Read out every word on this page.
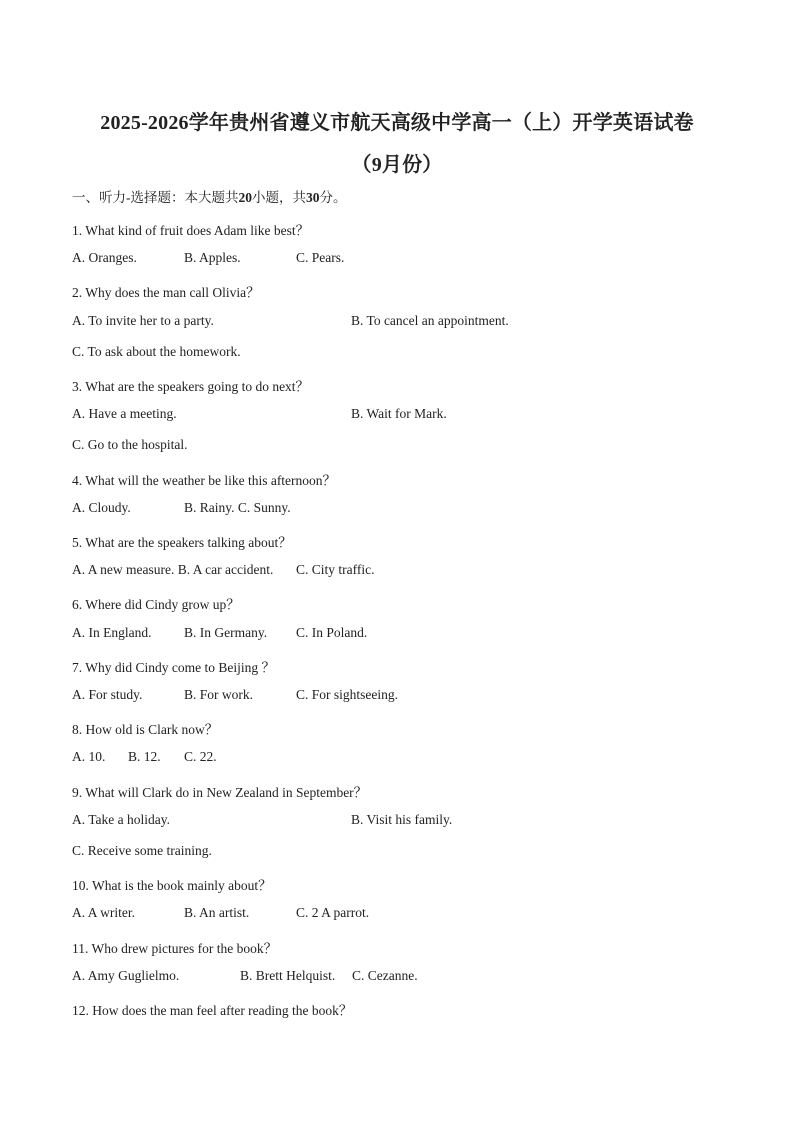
2025-2026学年贵州省遵义市航天高级中学高一（上）开学英语试卷
（9月份）
一、听力-选择题：本大题共20小题，共30分。
1. What kind of fruit does Adam like best？
A. Oranges.	B. Apples.	C. Pears.
2. Why does the man call Olivia？
A. To invite her to a party.	B. To cancel an appointment.
C. To ask about the homework.
3. What are the speakers going to do next？
A. Have a meeting.	B. Wait for Mark.
C. Go to the hospital.
4. What will the weather be like this afternoon？
A. Cloudy.	B. Rainy. C. Sunny.
5. What are the speakers talking about？
A. A new measure. B. A car accident. C. City traffic.
6. Where did Cindy grow up？
A. In England. B. In Germany. C. In Poland.
7. Why did Cindy come to Beijing ？
A. For study.	B. For work.	C. For sightseeing.
8. How old is Clark now？
A. 10. B. 12. C. 22.
9. What will Clark do in New Zealand in September？
A. Take a holiday.	B. Visit his family.
C. Receive some training.
10. What is the book mainly about？
A. A writer.	B. An artist.	C. 2 A parrot.
11. Who drew pictures for the book？
A. Amy Guglielmo.	B. Brett Helquist. C. Cezanne.
12. How does the man feel after reading the book？
